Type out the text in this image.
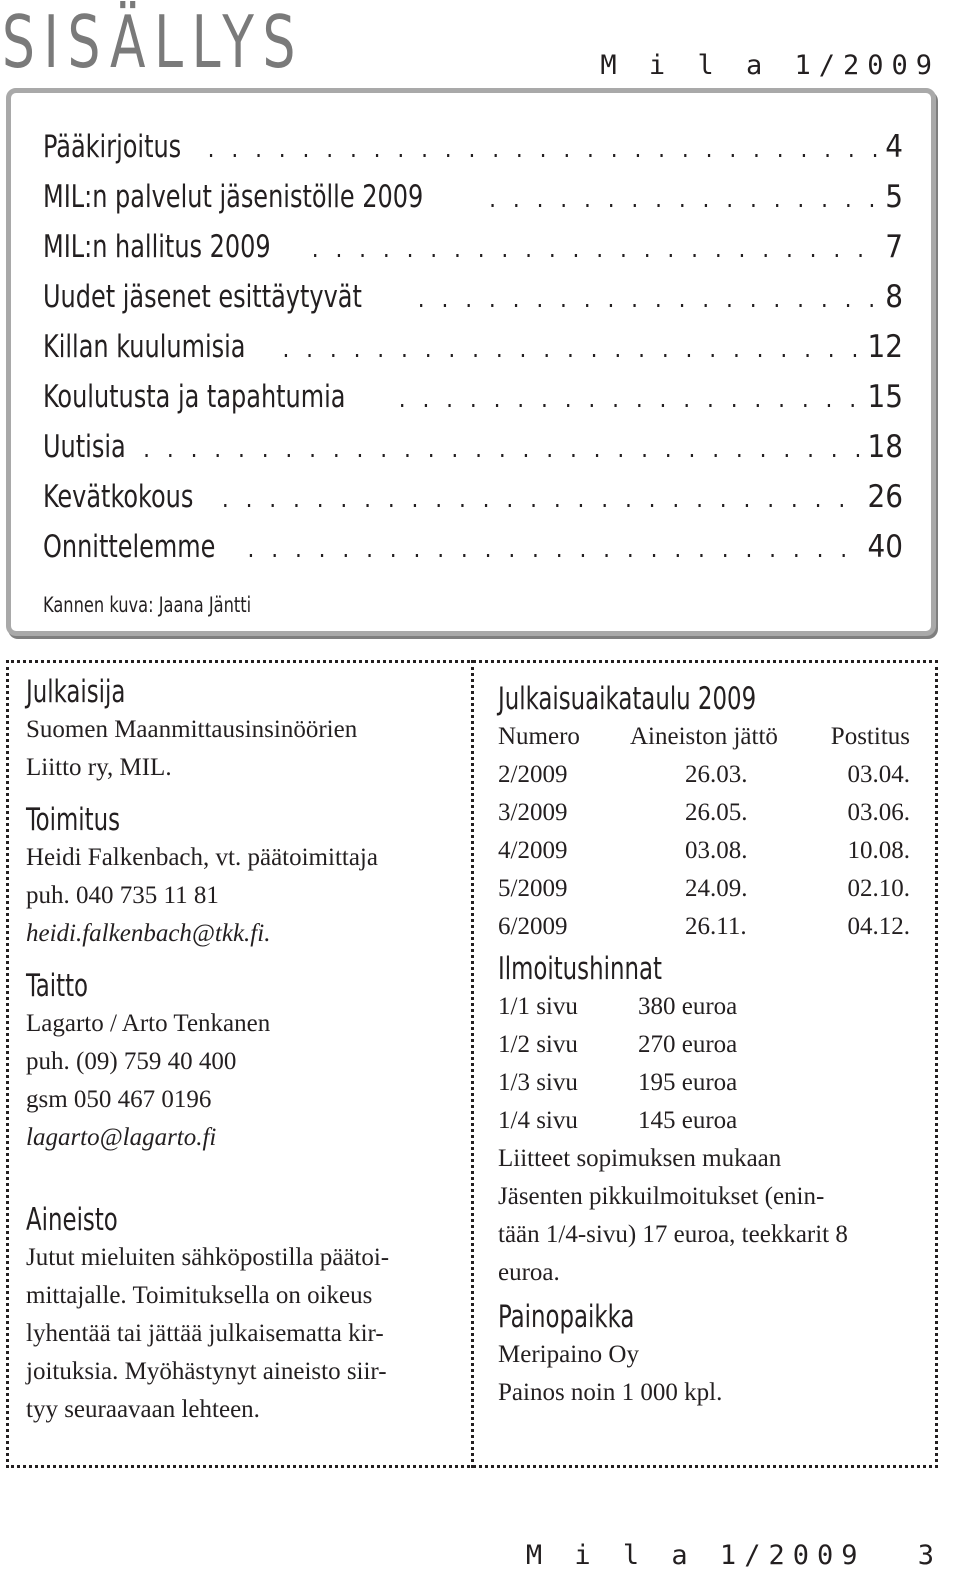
SISÄLLYS	M i l a 1/2009
Pääkirjoitus . . .	4
MIL:n palvelut jäsenistölle 2009 . . .	5
MIL:n hallitus 2009 . . .	7
Uudet jäsenet esittäytyvät . . .	8
Killan kuulumisia . . .	12
Koulutusta ja tapahtumia . . .	15
Uutisia . . .	18
Kevätkokous . . .	26
Onnittelemme . . .	40
Kannen kuva: Jaana Jäntti
Julkaisija
Suomen Maanmittausinsinöörien
Liitto ry, MIL.
Toimitus
Heidi Falkenbach, vt. päätoimittaja
puh. 040 735 11 81
heidi.falkenbach@tkk.fi.
Taitto
Lagarto / Arto Tenkanen
puh. (09) 759 40 400
gsm 050 467 0196
lagarto@lagarto.fi
Aineisto
Jutut mieluiten sähköpostilla päätoi-
mittajalle. Toimituksella on oikeus
lyhentää tai jättää julkaisematta kir-
joituksia. Myöhästynyt aineisto siir-
tyy seuraavaan lehteen.
Julkaisuaikataulu 2009
Numero	Aineiston jättö	Postitus
2/2009	26.03.	03.04.
3/2009	26.05.	03.06.
4/2009	03.08.	10.08.
5/2009	24.09.	02.10.
6/2009	26.11.	04.12.
Ilmoitushinnat
1/1 sivu	380 euroa
1/2 sivu	270 euroa
1/3 sivu	195 euroa
1/4 sivu	145 euroa
Liitteet sopimuksen mukaan
Jäsenten pikkuilmoitukset (enin-
tään 1/4-sivu) 17 euroa, teekkarit 8
euroa.
Painopaikka
Meripaino Oy
Painos noin 1 000 kpl.
M i l a 1/2009 3
